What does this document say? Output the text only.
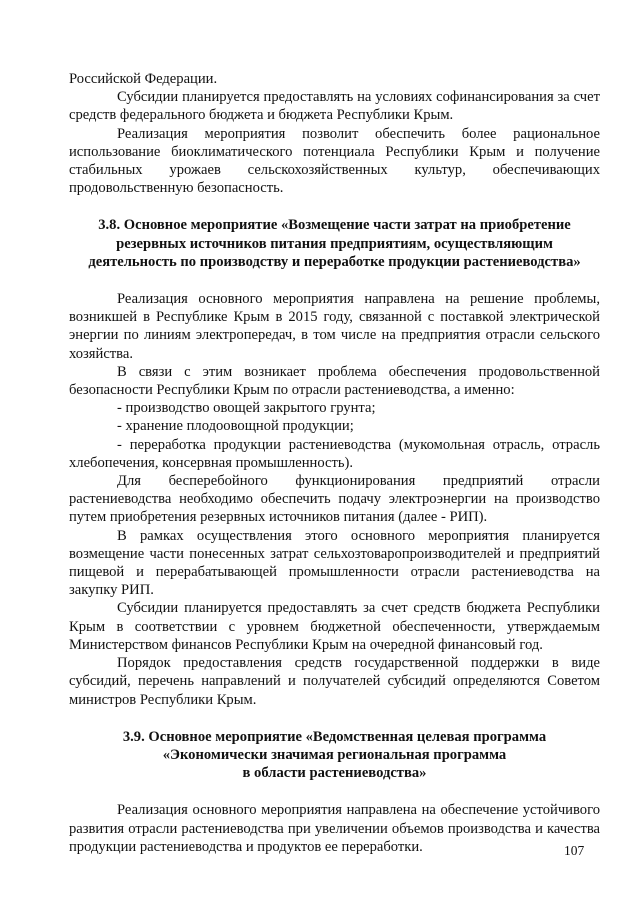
Российской Федерации.

Субсидии планируется предоставлять на условиях софинансирования за счет средств федерального бюджета и бюджета Республики Крым.

Реализация мероприятия позволит обеспечить более рациональное использование биоклиматического потенциала Республики Крым и получение стабильных урожаев сельскохозяйственных культур, обеспечивающих продовольственную безопасность.

3.8. Основное мероприятие «Возмещение части затрат на приобретение резервных источников питания предприятиям, осуществляющим деятельность по производству и переработке продукции растениеводства»

Реализация основного мероприятия направлена на решение проблемы, возникшей в Республике Крым в 2015 году, связанной с поставкой электрической энергии по линиям электропередач, в том числе на предприятия отрасли сельского хозяйства.

В связи с этим возникает проблема обеспечения продовольственной безопасности Республики Крым по отрасли растениеводства, а именно:

- производство овощей закрытого грунта;

- хранение плодоовощной продукции;

- переработка продукции растениеводства (мукомольная отрасль, отрасль хлебопечения, консервная промышленность).

Для бесперебойного функционирования предприятий отрасли растениеводства необходимо обеспечить подачу электроэнергии на производство путем приобретения резервных источников питания (далее - РИП).

В рамках осуществления этого основного мероприятия планируется возмещение части понесенных затрат сельхозтоваропроизводителей и предприятий пищевой и перерабатывающей промышленности отрасли растениеводства на закупку РИП.

Субсидии планируется предоставлять за счет средств бюджета Республики Крым в соответствии с уровнем бюджетной обеспеченности, утверждаемым Министерством финансов Республики Крым на очередной финансовый год.

Порядок предоставления средств государственной поддержки в виде субсидий, перечень направлений и получателей субсидий определяются Советом министров Республики Крым.

3.9. Основное мероприятие «Ведомственная целевая программа
«Экономически значимая региональная программа
в области растениеводства»

Реализация основного мероприятия направлена на обеспечение устойчивого развития отрасли растениеводства при увеличении объемов производства и качества продукции растениеводства и продуктов ее переработки.	107
